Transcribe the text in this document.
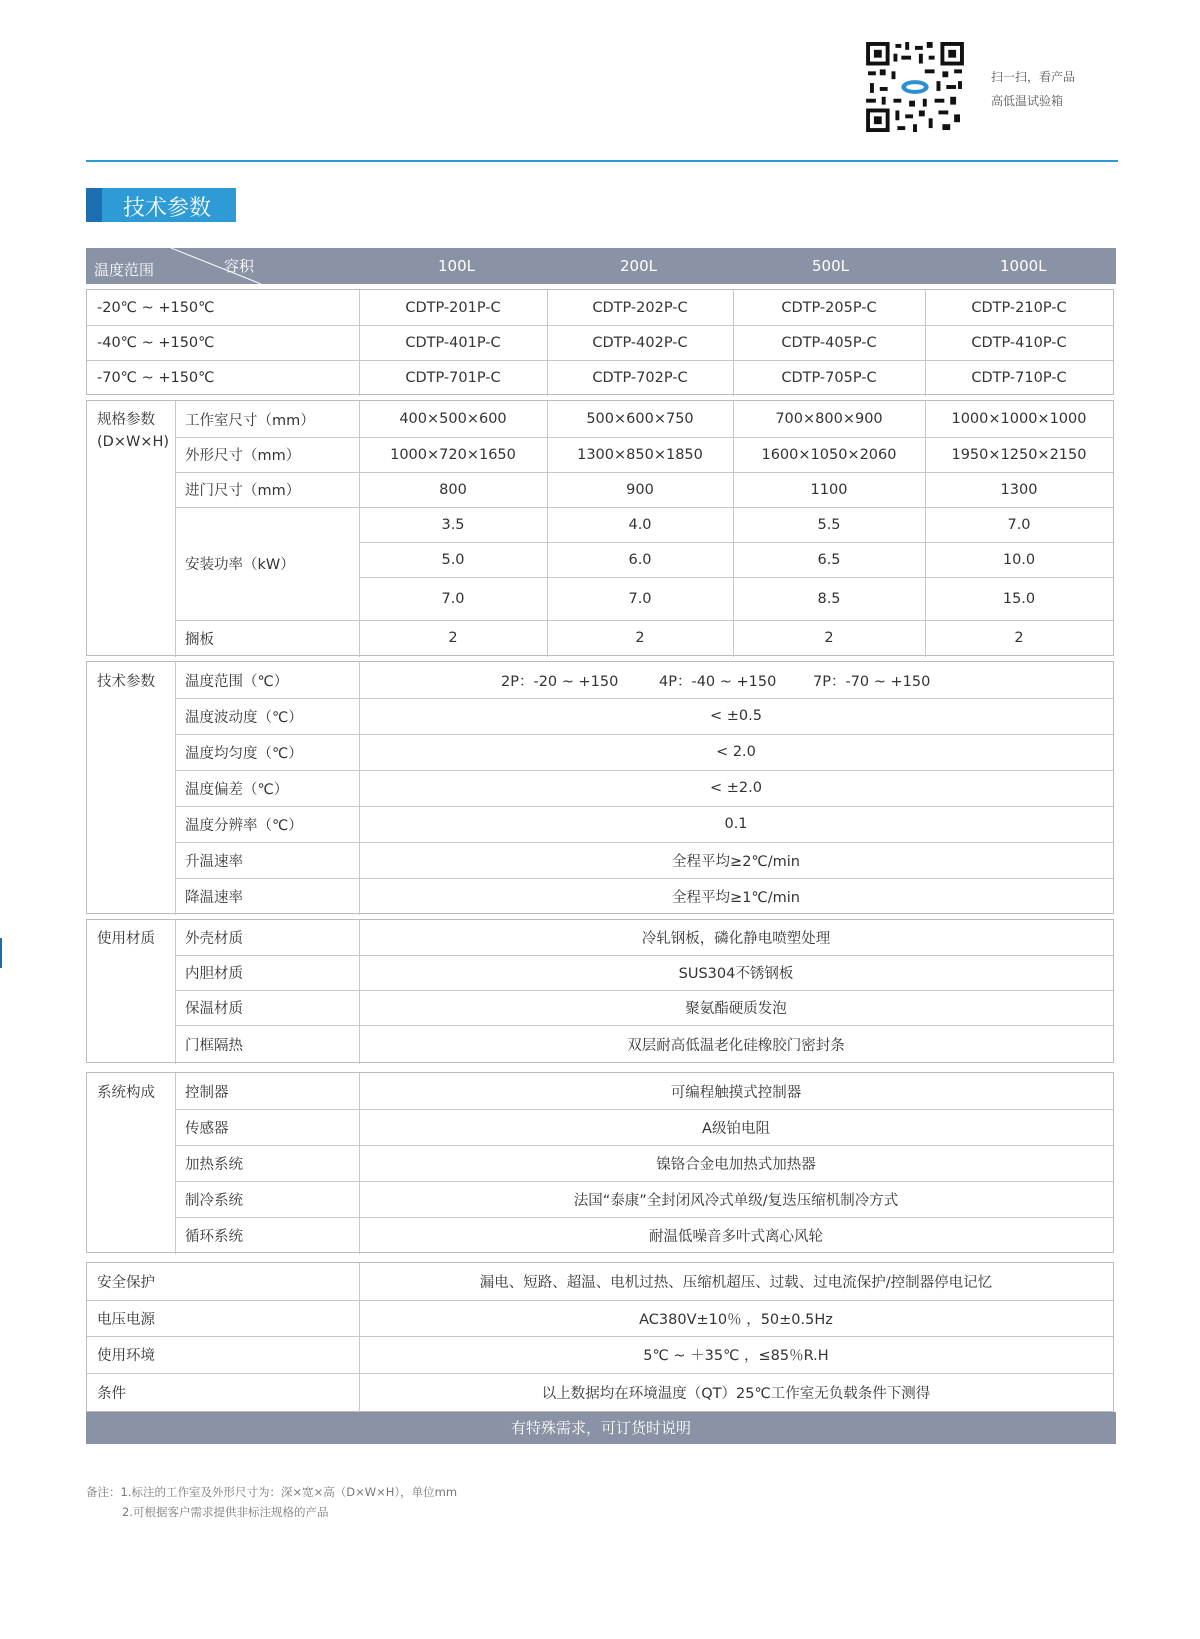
扫一扫，看产品
高低温试验箱
技术参数
温度范围	容积	100L	200L	500L	1000L
-20℃ ~ +150℃	CDTP-201P-C	CDTP-202P-C	CDTP-205P-C	CDTP-210P-C
-40℃ ~ +150℃	CDTP-401P-C	CDTP-402P-C	CDTP-405P-C	CDTP-410P-C
-70℃ ~ +150℃	CDTP-701P-C	CDTP-702P-C	CDTP-705P-C	CDTP-710P-C
规格参数
(D×W×H)
工作室尺寸（mm）	400×500×600	500×600×750	700×800×900	1000×1000×1000
外形尺寸（mm）	1000×720×1650	1300×850×1850	1600×1050×2060	1950×1250×2150
进门尺寸（mm）	800	900	1100	1300
安装功率（kW）
3.5	4.0	5.5	7.0
5.0	6.0	6.5	10.0
7.0	7.0	8.5	15.0
搁板	2	2	2	2
技术参数	温度范围（℃）	2P：-20 ~ +150	4P：-40 ~ +150	7P：-70 ~ +150
温度波动度（℃）	< ±0.5
温度均匀度（℃）	< 2.0
温度偏差（℃）	< ±2.0
温度分辨率（℃）	0.1
升温速率	全程平均≥2℃/min
降温速率	全程平均≥1℃/min
使用材质	外壳材质	冷轧钢板，磷化静电喷塑处理
内胆材质	SUS304不锈钢板
保温材质	聚氨酯硬质发泡
门框隔热	双层耐高低温老化硅橡胶门密封条
系统构成	控制器	可编程触摸式控制器
传感器	A级铂电阻
加热系统	镍铬合金电加热式加热器
制冷系统	法国“泰康”全封闭风冷式单级/复迭压缩机制冷方式
循环系统	耐温低噪音多叶式离心风轮
安全保护	漏电、短路、超温、电机过热、压缩机超压、过载、过电流保护/控制器停电记忆
电压电源	AC380V±10％ ，50±0.5Hz
使用环境	5℃ ~ ＋35℃ ，≤85％R.H
条件	以上数据均在环境温度（QT）25℃工作室无负载条件下测得
有特殊需求，可订货时说明
备注：1.标注的工作室及外形尺寸为：深×宽×高（D×W×H），单位mm
2.可根据客户需求提供非标注规格的产品
